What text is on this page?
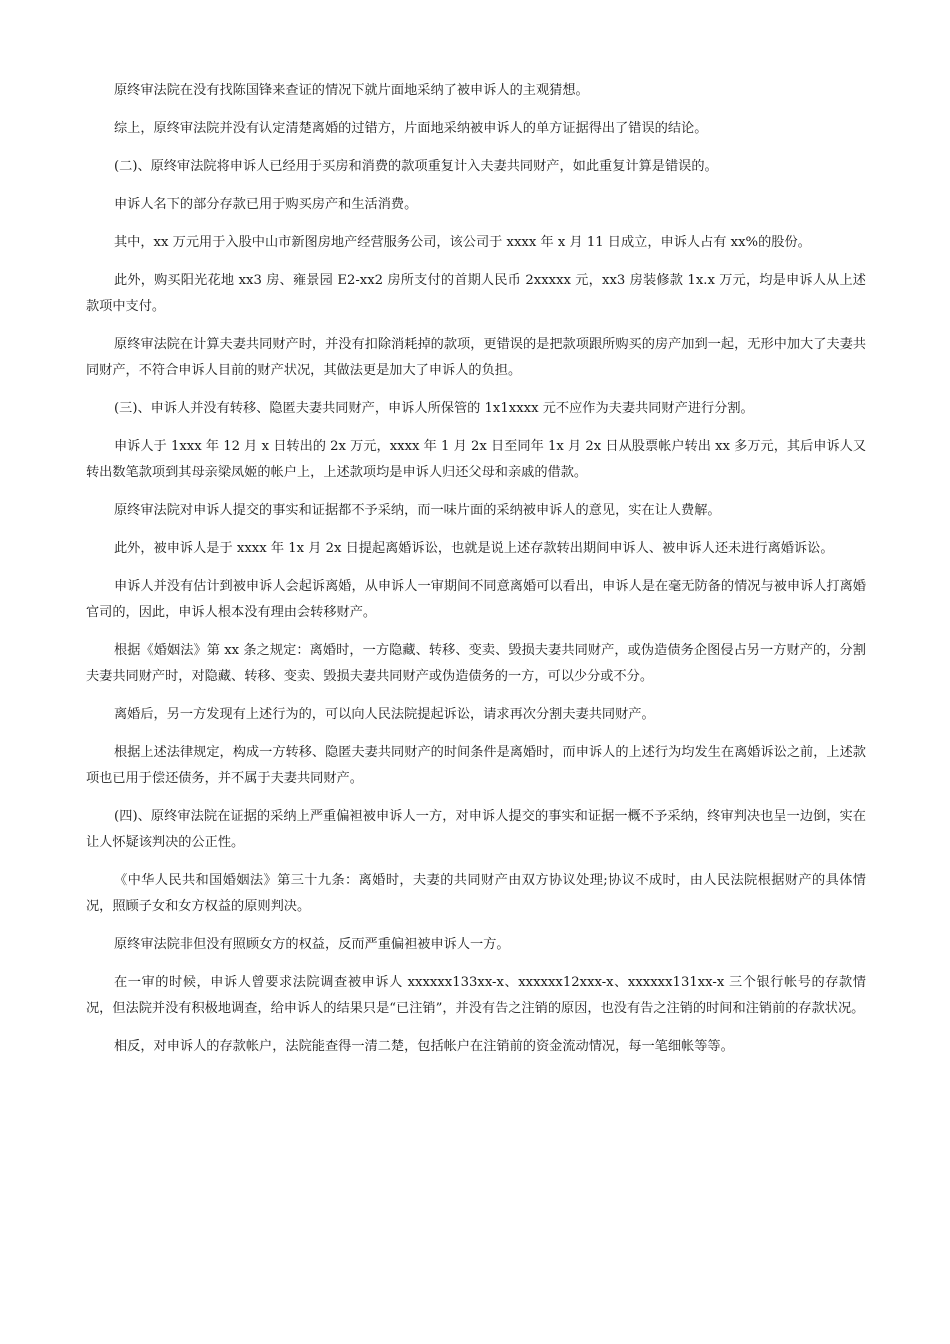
原终审法院在没有找陈国锋来查证的情况下就片面地采纳了被申诉人的主观猜想。

综上，原终审法院并没有认定清楚离婚的过错方，片面地采纳被申诉人的单方证据得出了错误的结论。

(二)、原终审法院将申诉人已经用于买房和消费的款项重复计入夫妻共同财产，如此重复计算是错误的。

申诉人名下的部分存款已用于购买房产和生活消费。

其中，xx 万元用于入股中山市新图房地产经营服务公司，该公司于 xxxx 年 x 月 11 日成立，申诉人占有 xx%的股份。

此外，购买阳光花地 xx3 房、雍景园 E2-xx2 房所支付的首期人民币 2xxxxx 元，xx3 房装修款 1x.x 万元，均是申诉人从上述款项中支付。

原终审法院在计算夫妻共同财产时，并没有扣除消耗掉的款项，更错误的是把款项跟所购买的房产加到一起，无形中加大了夫妻共同财产，不符合申诉人目前的财产状况，其做法更是加大了申诉人的负担。

(三)、申诉人并没有转移、隐匿夫妻共同财产，申诉人所保管的 1x1xxxx 元不应作为夫妻共同财产进行分割。

申诉人于 1xxx 年 12 月 x 日转出的 2x 万元，xxxx 年 1 月 2x 日至同年 1x 月 2x 日从股票帐户转出 xx 多万元，其后申诉人又转出数笔款项到其母亲梁凤姬的帐户上，上述款项均是申诉人归还父母和亲戚的借款。

原终审法院对申诉人提交的事实和证据都不予采纳，而一味片面的采纳被申诉人的意见，实在让人费解。

此外，被申诉人是于 xxxx 年 1x 月 2x 日提起离婚诉讼，也就是说上述存款转出期间申诉人、被申诉人还未进行离婚诉讼。

申诉人并没有估计到被申诉人会起诉离婚，从申诉人一审期间不同意离婚可以看出，申诉人是在毫无防备的情况与被申诉人打离婚官司的，因此，申诉人根本没有理由会转移财产。

根据《婚姻法》第 xx 条之规定：离婚时，一方隐藏、转移、变卖、毁损夫妻共同财产，或伪造债务企图侵占另一方财产的，分割夫妻共同财产时，对隐藏、转移、变卖、毁损夫妻共同财产或伪造债务的一方，可以少分或不分。

离婚后，另一方发现有上述行为的，可以向人民法院提起诉讼，请求再次分割夫妻共同财产。

根据上述法律规定，构成一方转移、隐匿夫妻共同财产的时间条件是离婚时，而申诉人的上述行为均发生在离婚诉讼之前，上述款项也已用于偿还债务，并不属于夫妻共同财产。

(四)、原终审法院在证据的采纳上严重偏袒被申诉人一方，对申诉人提交的事实和证据一概不予采纳，终审判决也呈一边倒，实在让人怀疑该判决的公正性。

《中华人民共和国婚姻法》第三十九条：离婚时，夫妻的共同财产由双方协议处理;协议不成时，由人民法院根据财产的具体情况，照顾子女和女方权益的原则判决。

原终审法院非但没有照顾女方的权益，反而严重偏袒被申诉人一方。

在一审的时候，申诉人曾要求法院调查被申诉人 xxxxxx133xx-x、xxxxxx12xxx-x、xxxxxx131xx-x 三个银行帐号的存款情况，但法院并没有积极地调查，给申诉人的结果只是“已注销”，并没有告之注销的原因，也没有告之注销的时间和注销前的存款状况。

相反，对申诉人的存款帐户，法院能查得一清二楚，包括帐户在注销前的资金流动情况，每一笔细帐等等。
